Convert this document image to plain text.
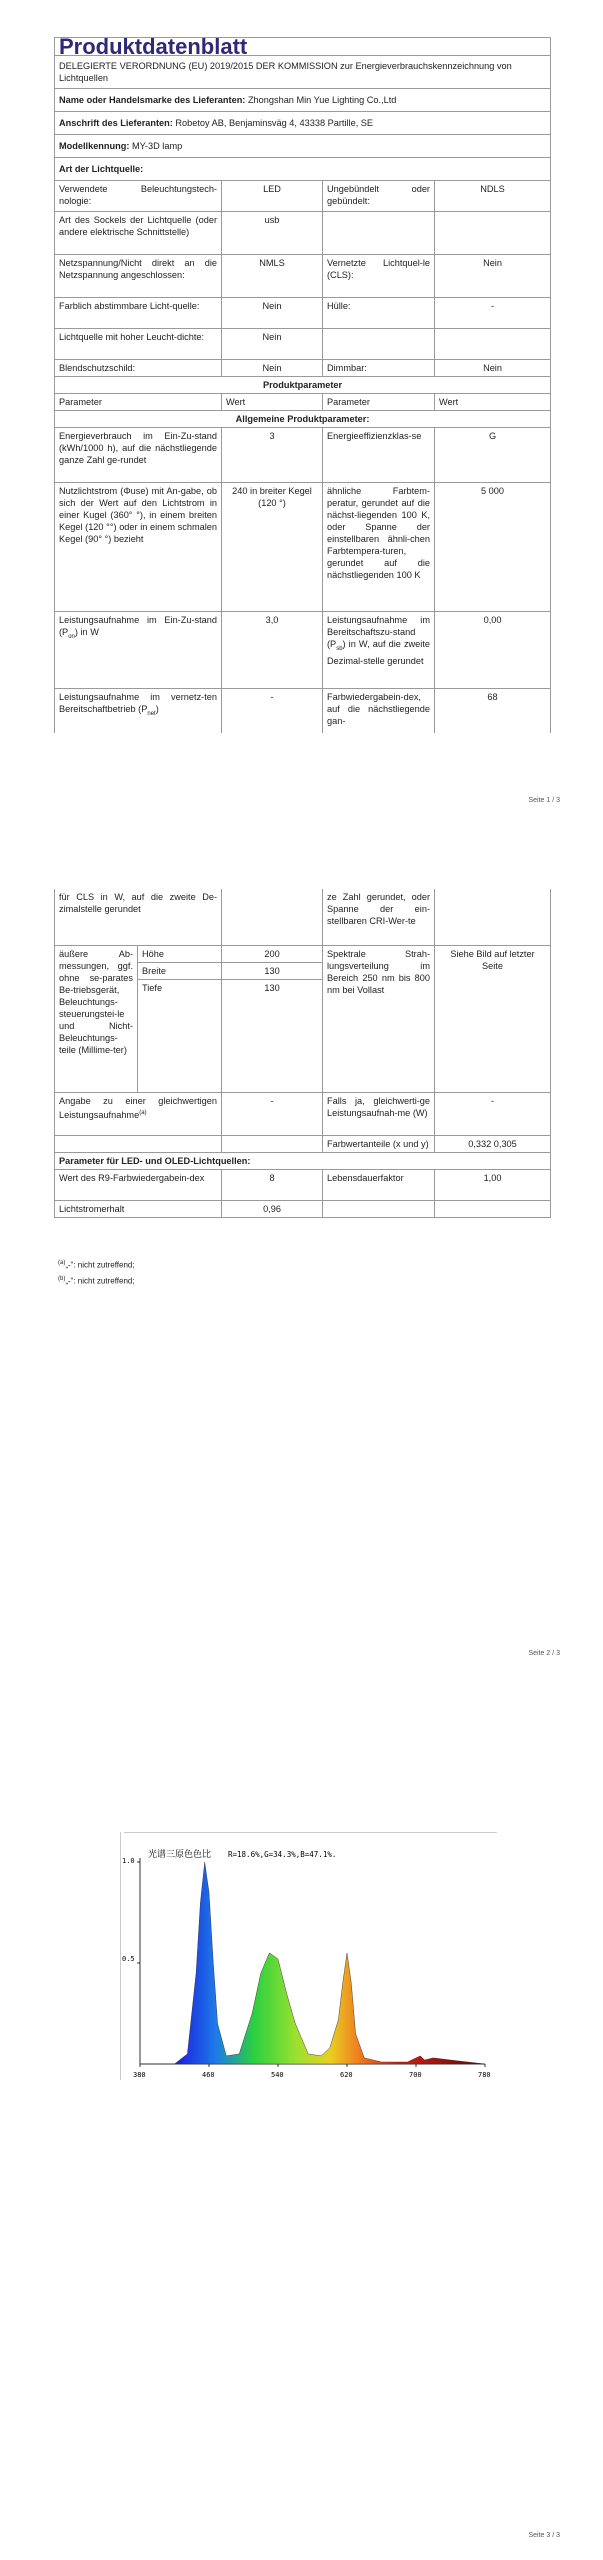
Produktdatenblatt			
DELEGIERTE VERORDNUNG (EU) 2019/2015 DER KOMMISSION zur Energieverbrauchskennzeichnung von Lichtquellen			
Name oder Handelsmarke des Lieferanten: Zhongshan Min Yue Lighting Co.,Ltd			
Anschrift des Lieferanten: Robetoy AB, Benjaminsväg 4, 43338 Partille, SE			
Modellkennung: MY-3D lamp			
Art der Lichtquelle:			
Verwendete Beleuchtungstech-nologie:	LED	Ungebündelt oder gebündelt:	NDLS
Art des Sockels der Lichtquelle (oder andere elektrische Schnittstelle)	usb		
Netzspannung/Nicht direkt an die Netzspannung angeschlossen:	NMLS	Vernetzte Lichtquel-le (CLS):	Nein
Farblich abstimmbare Licht-quelle:	Nein	Hülle:	-
Lichtquelle mit hoher Leucht-dichte:	Nein		
Blendschutzschild:	Nein	Dimmbar:	Nein
Produktparameter			
Parameter	Wert	Parameter	Wert
Allgemeine Produktparameter:			
Energieverbrauch im Ein-Zu-stand (kWh/1000 h), auf die nächstliegende ganze Zahl ge-rundet	3	Energieeffizienzklas-se	G
Nutzlichtstrom (Φuse) mit An-gabe, ob sich der Wert auf den Lichtstrom in einer Kugel (360° °), in einem breiten Kegel (120 °°) oder in einem schmalen Kegel (90° °) bezieht	240 in breiter Kegel (120 °)	ähnliche Farbtem-peratur, gerundet auf die nächst-liegenden 100 K, oder Spanne der einstellbaren ähnli-chen Farbtempera-turen, gerundet auf die nächstliegenden 100 K	5 000
Leistungsaufnahme im Ein-Zu-stand $(P_{on})$ in W	3,0	Leistungsaufnahme im Bereitschaftszu-stand $(P_{sb})$ in W, auf die zweite Dezimal-stelle gerundet	0,00
Leistungsaufnahme im vernetz-ten Bereitschaftbetrieb $(P_{net})$	-	Farbwiedergabein-dex, auf die nächstliegende gan-	68
Seite 1 / 3
für CLS in W, auf die zweite De-zimalstelle gerundet			ze Zahl gerundet, oder Spanne der ein-stellbaren CRI-Wer-te	
äußere Ab-messungen, ggf. ohne se-parates Be-triebsgerät, Beleuchtungs-steuerungstei-le und Nicht-Beleuchtungs-teile (Millime-ter)	Höhe	200	Spektrale Strah-lungsverteilung im Bereich 250 nm bis 800 nm bei Vollast	Siehe Bild auf letzter Seite
	Breite	130		
	Tiefe	130		

Angabe zu einer gleichwertigen Leistungsaufnahme$^{(a)}$		-	Falls ja, gleichwerti-ge Leistungsaufnah-me (W)	-
			Farbwertanteile (x und y)	0,332 0,305
Parameter für LED- und OLED-Lichtquellen:				
Wert des R9-Farbwiedergabein-dex		8	Lebensdauerfaktor	1,00
Lichtstromerhalt		0,96		
$^{(a)}$„-“: nicht zutreffend;
$^{(b)}$„-“: nicht zutreffend;
Seite 2 / 3
光谱三原色色比 R=18.6%,G=34.3%,B=47.1%.
1.0
0.5
380	460	540	620	700	780
Seite 3 / 3
